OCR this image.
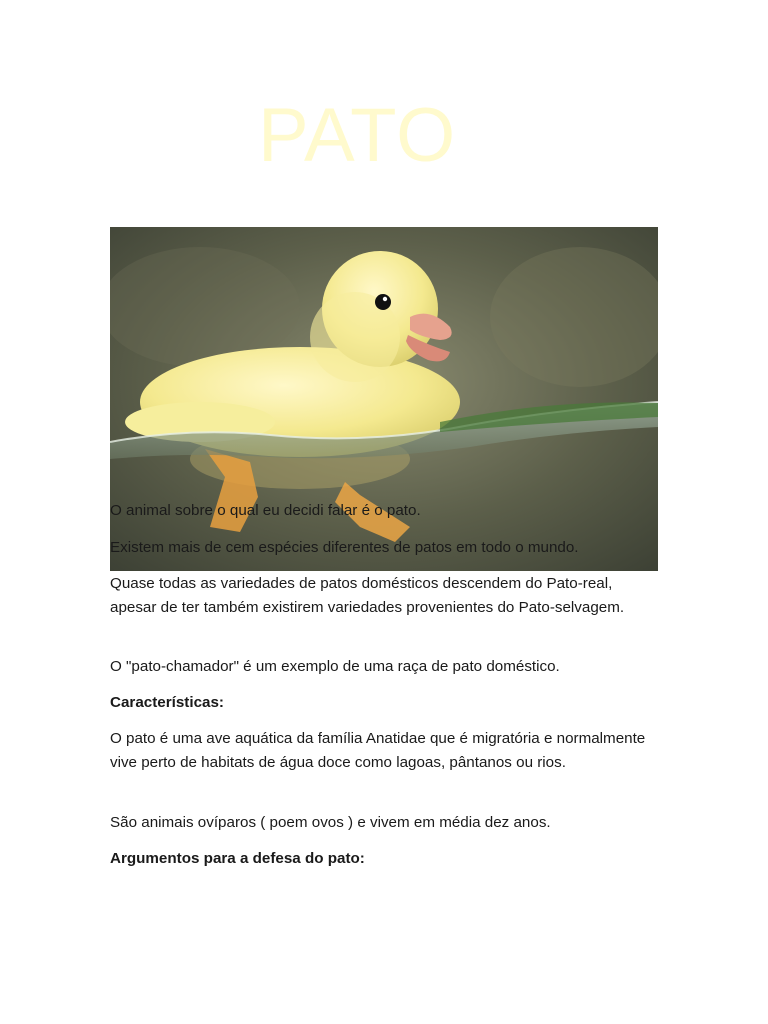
PATO

O animal sobre o qual eu decidi falar é o pato.

Existem mais de cem espécies diferentes de patos em todo o mundo.

Quase todas as variedades de patos domésticos descendem do Pato-real, apesar de ter também existirem variedades provenientes do Pato-selvagem.

O "pato-chamador" é um exemplo de uma raça de pato doméstico.

Características:

O pato é uma ave aquática da família Anatidae que é migratória e normalmente vive perto de habitats de água doce como lagoas, pântanos ou rios.

São animais ovíparos ( poem ovos ) e vivem em média dez anos.

Argumentos para a defesa do pato:
